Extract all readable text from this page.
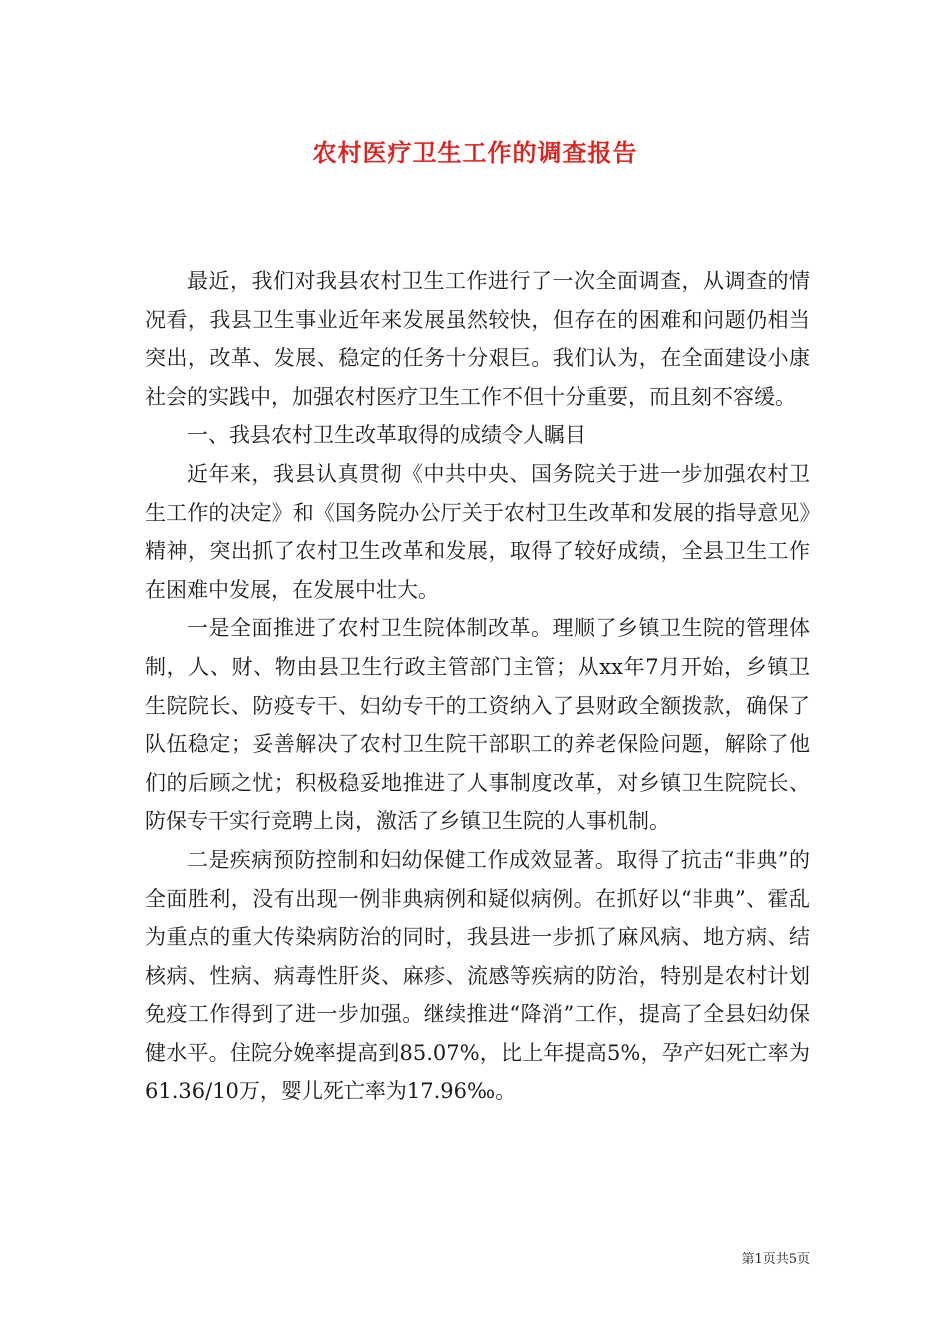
农村医疗卫生工作的调查报告

最近，我们对我县农村卫生工作进行了一次全面调查，从调查的情况看，我县卫生事业近年来发展虽然较快，但存在的困难和问题仍相当突出，改革、发展、稳定的任务十分艰巨。我们认为，在全面建设小康社会的实践中，加强农村医疗卫生工作不但十分重要，而且刻不容缓。

一、我县农村卫生改革取得的成绩令人瞩目

近年来，我县认真贯彻《中共中央、国务院关于进一步加强农村卫生工作的决定》和《国务院办公厅关于农村卫生改革和发展的指导意见》精神，突出抓了农村卫生改革和发展，取得了较好成绩，全县卫生工作在困难中发展，在发展中壮大。

一是全面推进了农村卫生院体制改革。理顺了乡镇卫生院的管理体制，人、财、物由县卫生行政主管部门主管；从xx年7月开始，乡镇卫生院院长、防疫专干、妇幼专干的工资纳入了县财政全额拨款，确保了队伍稳定；妥善解决了农村卫生院干部职工的养老保险问题，解除了他们的后顾之忧；积极稳妥地推进了人事制度改革，对乡镇卫生院院长、防保专干实行竞聘上岗，激活了乡镇卫生院的人事机制。

二是疾病预防控制和妇幼保健工作成效显著。取得了抗击“非典”的全面胜利，没有出现一例非典病例和疑似病例。在抓好以“非典”、霍乱为重点的重大传染病防治的同时，我县进一步抓了麻风病、地方病、结核病、性病、病毒性肝炎、麻疹、流感等疾病的防治，特别是农村计划免疫工作得到了进一步加强。继续推进“降消”工作，提高了全县妇幼保健水平。住院分娩率提高到85.07%，比上年提高5%，孕产妇死亡率为61.36/10万，婴儿死亡率为17.96‰。

第1页共5页
